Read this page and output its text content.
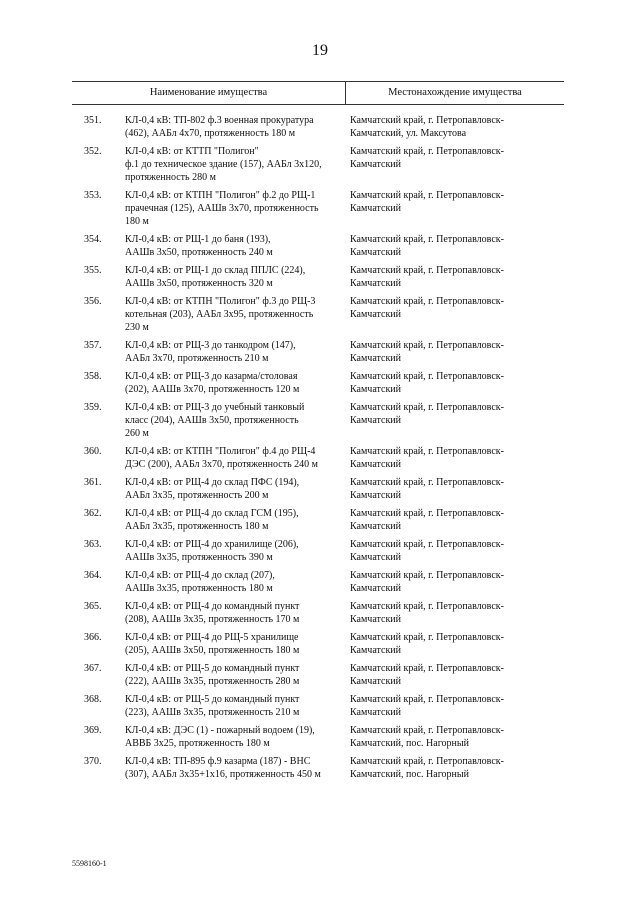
19
Наименование имущества	Местонахождение имущества
351. КЛ-0,4 кВ: ТП-802 ф.3 военная прокуратура
(462), ААБл 4х70, протяженность 180 м
Камчатский край, г. Петропавловск-
Камчатский, ул. Максутова
352. КЛ-0,4 кВ: от КТТП "Полигон"
ф.1 до техническое здание (157), ААБл 3х120,
протяженность 280 м
Камчатский край, г. Петропавловск-
Камчатский
353. КЛ-0,4 кВ: от КТПН "Полигон" ф.2 до РЩ-1
прачечная (125), ААШв 3х70, протяженность
180 м
Камчатский край, г. Петропавловск-
Камчатский
354. КЛ-0,4 кВ: от РЩ-1 до баня (193),
ААШв 3х50, протяженность 240 м
Камчатский край, г. Петропавловск-
Камчатский
355. КЛ-0,4 кВ: от РЩ-1 до склад ППЛС (224),
ААШв 3х50, протяженность 320 м
Камчатский край, г. Петропавловск-
Камчатский
356. КЛ-0,4 кВ: от КТПН "Полигон" ф.3 до РЩ-3
котельная (203), ААБл 3х95, протяженность
230 м
Камчатский край, г. Петропавловск-
Камчатский
357. КЛ-0,4 кВ: от РЩ-3 до танкодром (147),
ААБл 3х70, протяженность 210 м
Камчатский край, г. Петропавловск-
Камчатский
358. КЛ-0,4 кВ: от РЩ-3 до казарма/столовая
(202), ААШв 3х70, протяженность 120 м
Камчатский край, г. Петропавловск-
Камчатский
359. КЛ-0,4 кВ: от РЩ-3 до учебный танковый
класс (204), ААШв 3х50, протяженность
260 м
Камчатский край, г. Петропавловск-
Камчатский
360. КЛ-0,4 кВ: от КТПН "Полигон" ф.4 до РЩ-4
ДЭС (200), ААБл 3х70, протяженность 240 м
Камчатский край, г. Петропавловск-
Камчатский
361. КЛ-0,4 кВ: от РЩ-4 до склад ПФС (194),
ААБл 3х35, протяженность 200 м
Камчатский край, г. Петропавловск-
Камчатский
362. КЛ-0,4 кВ: от РЩ-4 до склад ГСМ (195),
ААБл 3х35, протяженность 180 м
Камчатский край, г. Петропавловск-
Камчатский
363. КЛ-0,4 кВ: от РЩ-4 до хранилище (206),
ААШв 3х35, протяженность 390 м
Камчатский край, г. Петропавловск-
Камчатский
364. КЛ-0,4 кВ: от РЩ-4 до склад (207),
ААШв 3х35, протяженность 180 м
Камчатский край, г. Петропавловск-
Камчатский
365. КЛ-0,4 кВ: от РЩ-4 до командный пункт
(208), ААШв 3х35, протяженность 170 м
Камчатский край, г. Петропавловск-
Камчатский
366. КЛ-0,4 кВ: от РЩ-4 до РЩ-5 хранилище
(205), ААШв 3х50, протяженность 180 м
Камчатский край, г. Петропавловск-
Камчатский
367. КЛ-0,4 кВ: от РЩ-5 до командный пункт
(222), ААШв 3х35, протяженность 280 м
Камчатский край, г. Петропавловск-
Камчатский
368. КЛ-0,4 кВ: от РЩ-5 до командный пункт
(223), ААШв 3х35, протяженность 210 м
Камчатский край, г. Петропавловск-
Камчатский
369. КЛ-0,4 кВ: ДЭС (1) - пожарный водоем (19),
АВВБ 3х25, протяженность 180 м
Камчатский край, г. Петропавловск-
Камчатский, пос. Нагорный
370. КЛ-0,4 кВ: ТП-895 ф.9 казарма (187) - ВНС
(307), ААБл 3х35+1х16, протяженность 450 м
Камчатский край, г. Петропавловск-
Камчатский, пос. Нагорный
5598160-1
